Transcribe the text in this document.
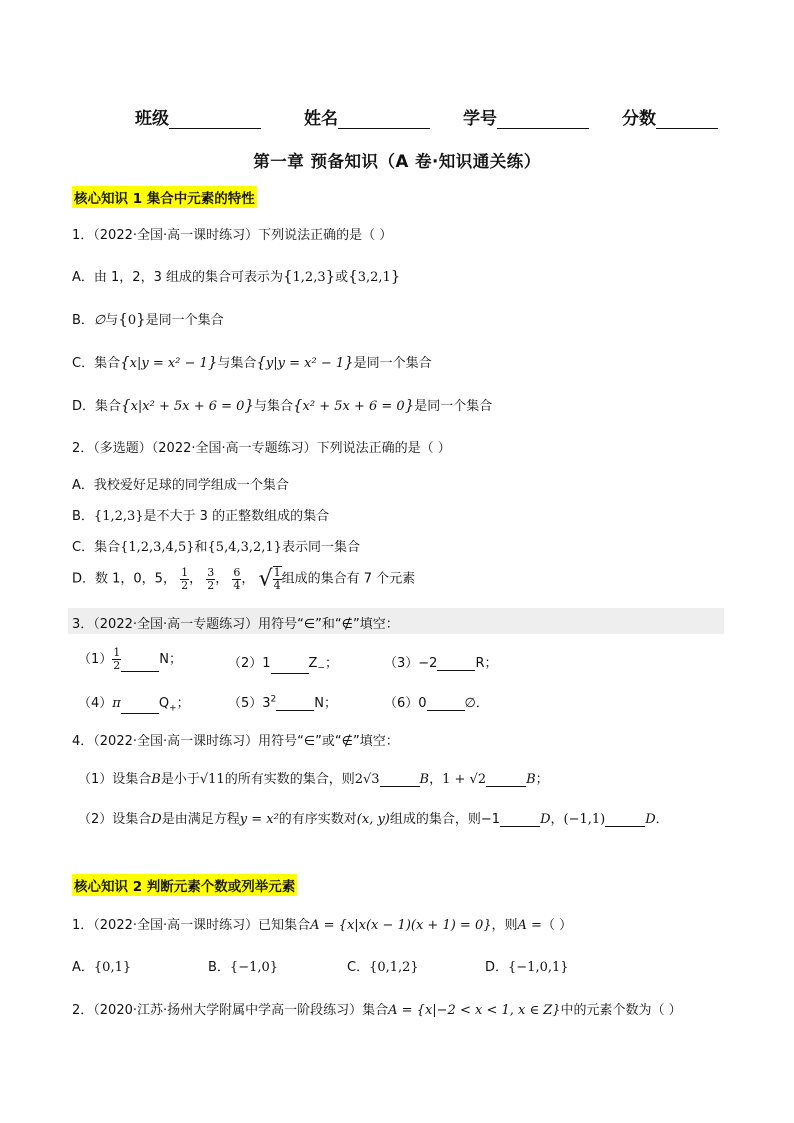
班级	姓名	学号	分数
第一章 预备知识（A 卷·知识通关练）
核心知识 1 集合中元素的特性
1．（2022·全国·高一课时练习）下列说法正确的是（ ）
A．由 1，2，3 组成的集合可表示为{1,2,3}或{3,2,1}
B．∅与{0}是同一个集合
C．集合{x|y = x² − 1}与集合{y|y = x² − 1}是同一个集合
D．集合{x|x² + 5x + 6 = 0}与集合{x² + 5x + 6 = 0}是同一个集合
2．（多选题）（2022·全国·高一专题练习）下列说法正确的是（ ）
A．我校爱好足球的同学组成一个集合
B．{1,2,3}是不大于 3 的正整数组成的集合
C．集合{1,2,3,4,5}和{5,4,3,2,1}表示同一集合
D．数 1，0，5， $\frac{1}{2}$ ， $\frac{3}{2}$ ， $\frac{6}{4}$ ， √ $\frac{1}{4}$ 组成的集合有 7 个元素
3．（2022·全国·高一专题练习）用符号“∈”和“∉”填空：
$(1) \frac{1}{2}$	N；	（2）1	$Z_-$；	（3）−2	R；
（4）π	$Q_+$；	$(5)3^2$	N；	（6）0	∅．
4．（2022·全国·高一课时练习）用符号“∈”或“∉”填空：
（1）设集合B是小于√11的所有实数的集合，则2√3	B，1 + √2	B；
（2）设集合D是由满足方程y = x²的有序实数对(x, y)组成的集合，则−1	D，(−1,1)	D．
核心知识 2 判断元素个数或列举元素
1．（2022·全国·高一课时练习）已知集合A = {x|x(x − 1)(x + 1) = 0}，则A =（ ）
A．{0,1}	B．{−1,0}	C．{0,1,2}	D．{−1,0,1}
2．（2020·江苏·扬州大学附属中学高一阶段练习）集合A = {x|−2 < x < 1, x ∈ Z}中的元素个数为（ ）
